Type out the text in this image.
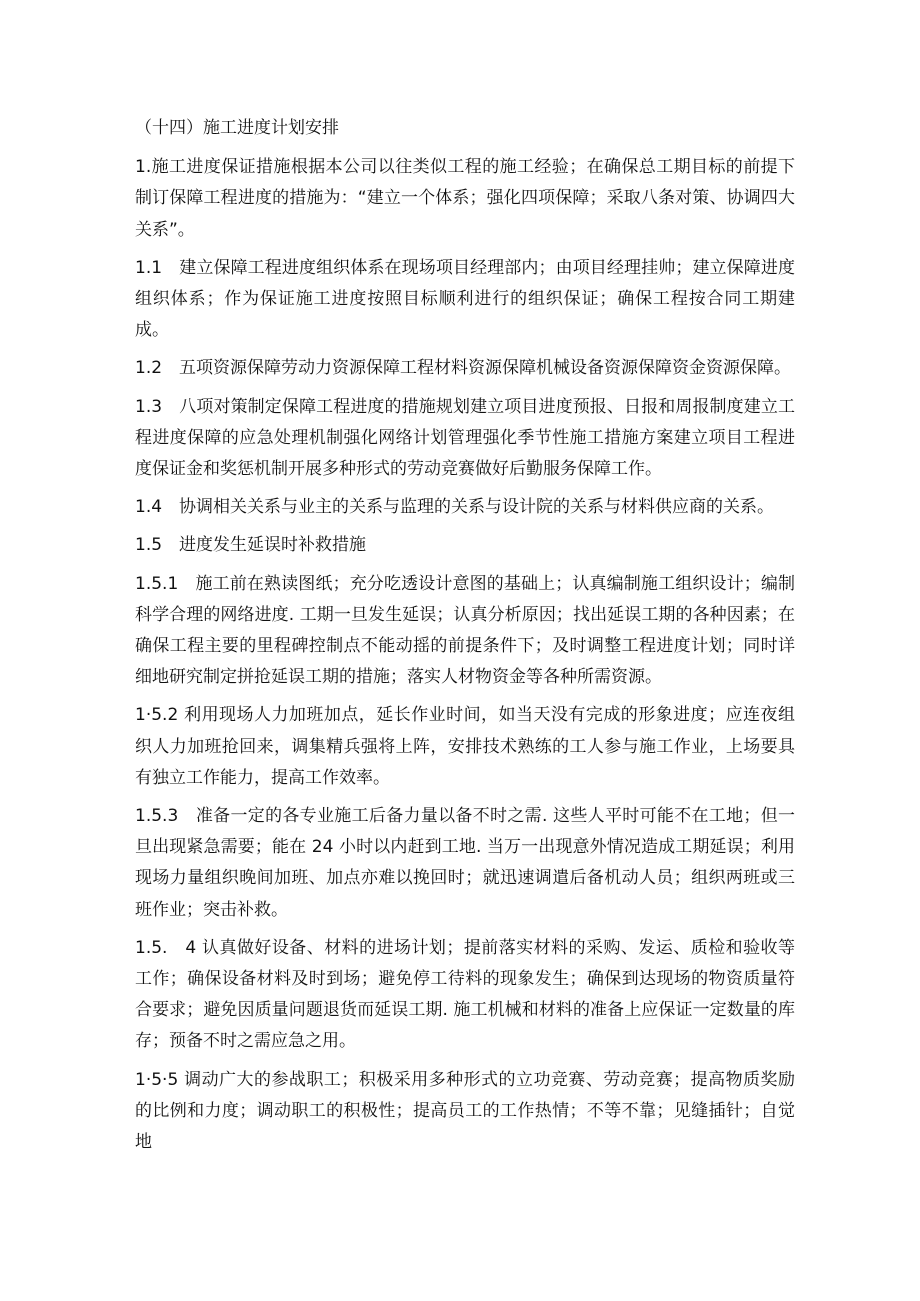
（十四）施工进度计划安排

1.施工进度保证措施根据本公司以往类似工程的施工经验；在确保总工期目标的前提下制订保障工程进度的措施为：“建立一个体系；强化四项保障；采取八条对策、协调四大关系”。

1.1　建立保障工程进度组织体系在现场项目经理部内；由项目经理挂帅；建立保障进度组织体系；作为保证施工进度按照目标顺利进行的组织保证；确保工程按合同工期建成。

1.2　五项资源保障劳动力资源保障工程材料资源保障机械设备资源保障资金资源保障。

1.3　八项对策制定保障工程进度的措施规划建立项目进度预报、日报和周报制度建立工程进度保障的应急处理机制强化网络计划管理强化季节性施工措施方案建立项目工程进度保证金和奖惩机制开展多种形式的劳动竞赛做好后勤服务保障工作。

1.4　协调相关关系与业主的关系与监理的关系与设计院的关系与材料供应商的关系。

1.5　进度发生延误时补救措施

1.5.1　施工前在熟读图纸；充分吃透设计意图的基础上；认真编制施工组织设计；编制科学合理的网络进度. 工期一旦发生延误；认真分析原因；找出延误工期的各种因素；在确保工程主要的里程碑控制点不能动摇的前提条件下；及时调整工程进度计划；同时详细地研究制定拼抢延误工期的措施；落实人材物资金等各种所需资源。

1·5.2 利用现场人力加班加点，延长作业时间，如当天没有完成的形象进度；应连夜组织人力加班抢回来，调集精兵强将上阵，安排技术熟练的工人参与施工作业，上场要具有独立工作能力，提高工作效率。

1.5.3　准备一定的各专业施工后备力量以备不时之需. 这些人平时可能不在工地；但一旦出现紧急需要；能在 24 小时以内赶到工地. 当万一出现意外情况造成工期延误；利用现场力量组织晚间加班、加点亦难以挽回时；就迅速调遣后备机动人员；组织两班或三班作业；突击补救。

1.5.　4 认真做好设备、材料的进场计划；提前落实材料的采购、发运、质检和验收等工作；确保设备材料及时到场；避免停工待料的现象发生；确保到达现场的物资质量符合要求；避免因质量问题退货而延误工期. 施工机械和材料的准备上应保证一定数量的库存；预备不时之需应急之用。

1·5·5 调动广大的参战职工；积极采用多种形式的立功竞赛、劳动竞赛；提高物质奖励的比例和力度；调动职工的积极性；提高员工的工作热情；不等不靠；见缝插针；自觉地
